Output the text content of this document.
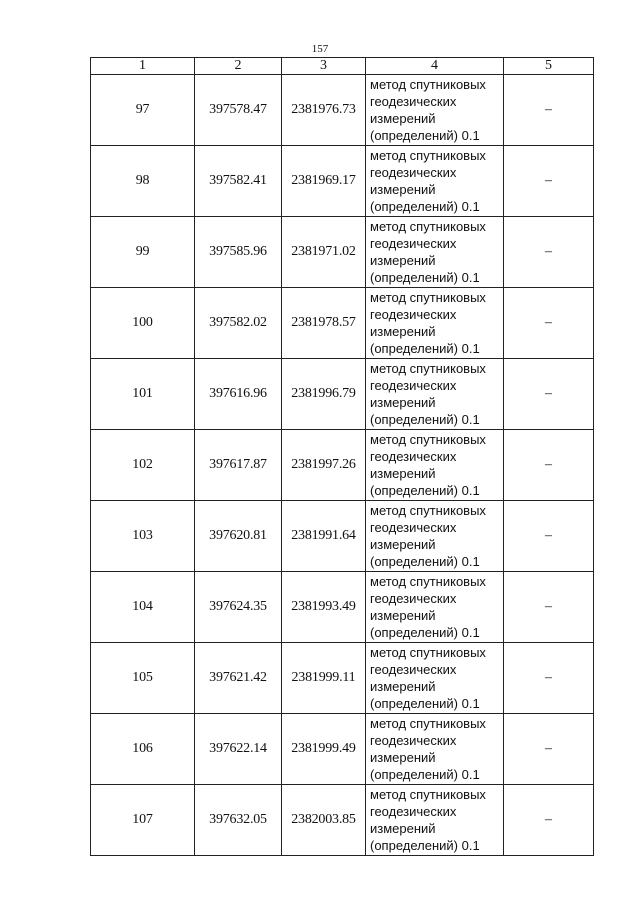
157
1	2	3	4	5
97	397578.47	2381976.73	метод спутниковых
геодезических
измерений
(определений) 0.1	–
98	397582.41	2381969.17	метод спутниковых
геодезических
измерений
(определений) 0.1	–
99	397585.96	2381971.02	метод спутниковых
геодезических
измерений
(определений) 0.1	–
100	397582.02	2381978.57	метод спутниковых
геодезических
измерений
(определений) 0.1	–
101	397616.96	2381996.79	метод спутниковых
геодезических
измерений
(определений) 0.1	–
102	397617.87	2381997.26	метод спутниковых
геодезических
измерений
(определений) 0.1	–
103	397620.81	2381991.64	метод спутниковых
геодезических
измерений
(определений) 0.1	–
104	397624.35	2381993.49	метод спутниковых
геодезических
измерений
(определений) 0.1	–
105	397621.42	2381999.11	метод спутниковых
геодезических
измерений
(определений) 0.1	–
106	397622.14	2381999.49	метод спутниковых
геодезических
измерений
(определений) 0.1	–
107	397632.05	2382003.85	метод спутниковых
геодезических
измерений
(определений) 0.1	–
